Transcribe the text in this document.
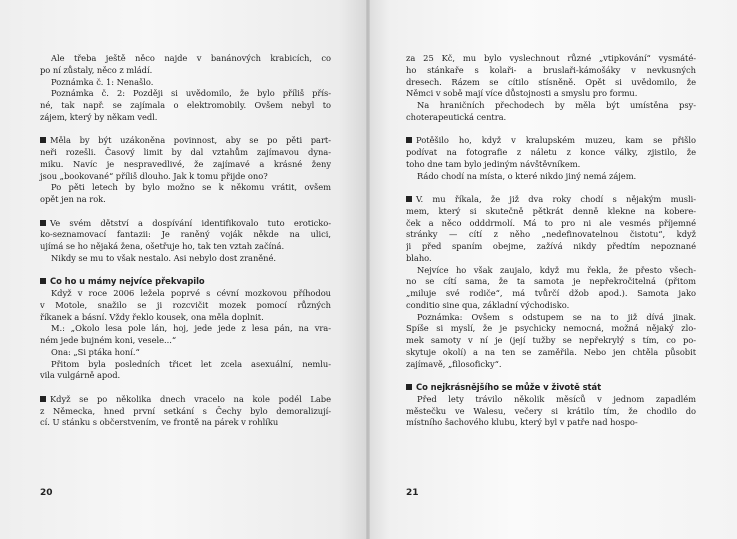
Ale třeba ještě něco najde v banánových krabicích, co
po ní zůstaly, něco z mládí.
Poznámka č. 1: Nenašlo.
Poznámka č. 2: Později si uvědomilo, že bylo příliš přís-
né, tak např. se zajímala o elektromobily. Ovšem nebyl to
zájem, který by někam vedl.
Měla by být uzákoněna povinnost, aby se po pěti part-
neři rozešli. Časový limit by dal vztahům zajímavou dyna-
miku. Navíc je nespravedlivé, že zajímavé a krásné ženy
jsou „bookované“ příliš dlouho. Jak k tomu přijde ono?
Po pěti letech by bylo možno se k někomu vrátit, ovšem
opět jen na rok.
Ve svém dětství a dospívání identifikovalo tuto eroticko-
ko-seznamovací fantazii: Je raněný voják někde na ulici,
ujímá se ho nějaká žena, ošetřuje ho, tak ten vztah začíná.
Nikdy se mu to však nestalo. Asi nebylo dost zraněné.
Co ho u mámy nejvíce překvapilo
Když v roce 2006 ležela poprvé s cévní mozkovou příhodou
v Motole, snažilo se ji rozcvičit mozek pomocí různých
říkanek a básní. Vždy řeklo kousek, ona měla doplnit.
M.: „Okolo lesa pole lán, hoj, jede jede z lesa pán, na vra-
ném jede bujném koni, vesele...“
Ona: „Si ptáka honí.“
Přitom byla posledních třicet let zcela asexuální, nemlu-
vila vulgárně apod.
Když se po několika dnech vracelo na kole podél Labe
z Německa, hned první setkání s Čechy bylo demoralizují-
cí. U stánku s občerstvením, ve frontě na párek v rohlíku
20
za 25 Kč, mu bylo vyslechnout různé „vtipkování“ vysmáté-
ho stánkaře s kolaři- a bruslaři-kámošáky v nevkusných
dresech. Rázem se cítilo stísněně. Opět si uvědomilo, že
Němci v sobě mají více důstojnosti a smyslu pro formu.
Na hraničních přechodech by měla být umístěna psy-
choterapeutická centra.
Potěšilo ho, když v kralupském muzeu, kam se přišlo
podívat na fotografie z náletu z konce války, zjistilo, že
toho dne tam bylo jediným návštěvníkem.
Rádo chodí na místa, o které nikdo jiný nemá zájem.
V. mu říkala, že již dva roky chodí s nějakým musli-
mem, který si skutečně pětkrát denně klekne na kobere-
ček a něco odddrmolí. Má to pro ni ale vesmés příjemné
stránky — cítí z něho „nedefinovatelnou čistotu“, když
ji před spaním obejme, zažívá nikdy předtím nepoznané
blaho.
Nejvíce ho však zaujalo, když mu řekla, že přesto všech-
no se cítí sama, že ta samota je nepřekročitelná (přitom
„miluje své rodiče“, má tvůrčí džob apod.). Samota jako
conditio sine qua, základní východisko.
Poznámka: Ovšem s odstupem se na to již dívá jinak.
Spíše si myslí, že je psychicky nemocná, možná nějaký zlo-
mek samoty v ní je (její tužby se nepřekrylý s tím, co po-
skytuje okolí) a na ten se zaměřila. Nebo jen chtěla působit
zajímavě, „filosoficky“.
Co nejkrásnějšího se může v životě stát
Před lety trávilo několik měsíců v jednom zapadlém
městečku ve Walesu, večery si krátilo tím, že chodilo do
místního šachového klubu, který byl v patře nad hospo-
21
